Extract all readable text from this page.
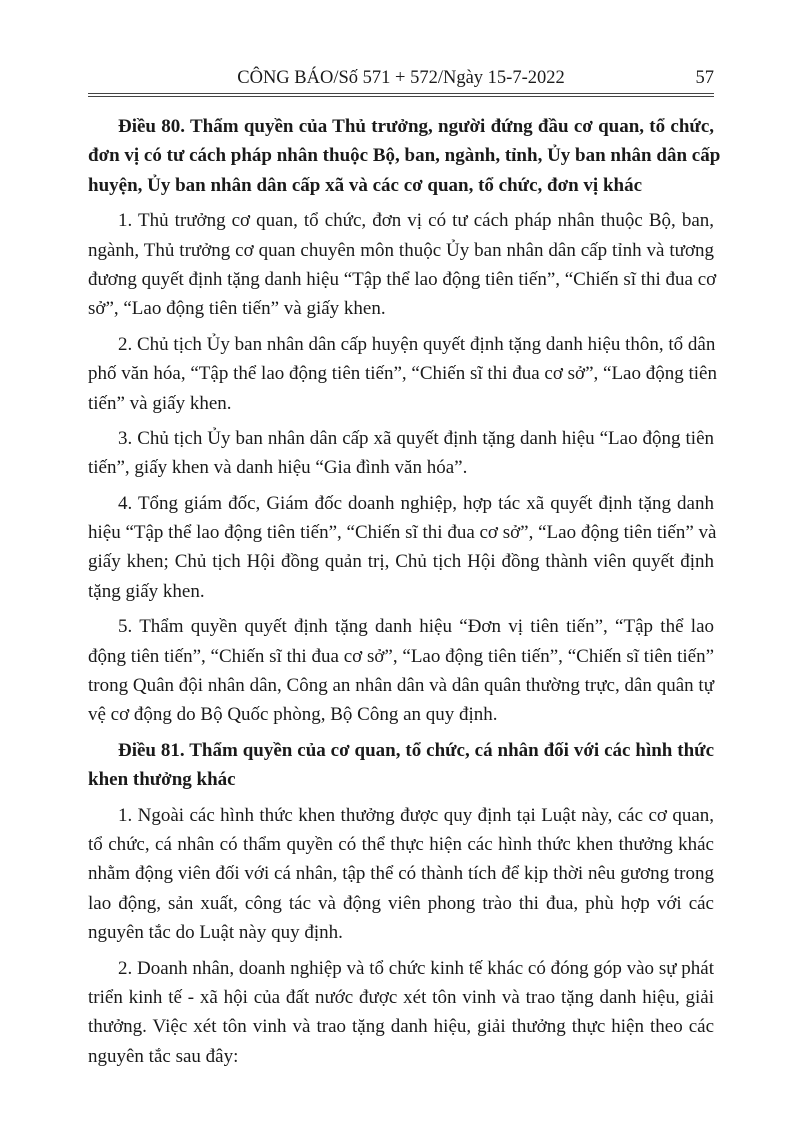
CÔNG BÁO/Số 571 + 572/Ngày 15-7-2022	57
Điều 80. Thẩm quyền của Thủ trưởng, người đứng đầu cơ quan, tổ chức,
đơn vị có tư cách pháp nhân thuộc Bộ, ban, ngành, tỉnh, Ủy ban nhân dân cấp
huyện, Ủy ban nhân dân cấp xã và các cơ quan, tổ chức, đơn vị khác
1. Thủ trưởng cơ quan, tổ chức, đơn vị có tư cách pháp nhân thuộc Bộ, ban,
ngành, Thủ trưởng cơ quan chuyên môn thuộc Ủy ban nhân dân cấp tỉnh và tương
đương quyết định tặng danh hiệu “Tập thể lao động tiên tiến”, “Chiến sĩ thi đua cơ
sở”, “Lao động tiên tiến” và giấy khen.
2. Chủ tịch Ủy ban nhân dân cấp huyện quyết định tặng danh hiệu thôn, tổ dân
phố văn hóa, “Tập thể lao động tiên tiến”, “Chiến sĩ thi đua cơ sở”, “Lao động tiên
tiến” và giấy khen.
3. Chủ tịch Ủy ban nhân dân cấp xã quyết định tặng danh hiệu “Lao động tiên
tiến”, giấy khen và danh hiệu “Gia đình văn hóa”.
4. Tổng giám đốc, Giám đốc doanh nghiệp, hợp tác xã quyết định tặng danh
hiệu “Tập thể lao động tiên tiến”, “Chiến sĩ thi đua cơ sở”, “Lao động tiên tiến” và
giấy khen; Chủ tịch Hội đồng quản trị, Chủ tịch Hội đồng thành viên quyết định
tặng giấy khen.
5. Thẩm quyền quyết định tặng danh hiệu “Đơn vị tiên tiến”, “Tập thể lao
động tiên tiến”, “Chiến sĩ thi đua cơ sở”, “Lao động tiên tiến”, “Chiến sĩ tiên tiến”
trong Quân đội nhân dân, Công an nhân dân và dân quân thường trực, dân quân tự
vệ cơ động do Bộ Quốc phòng, Bộ Công an quy định.
Điều 81. Thẩm quyền của cơ quan, tổ chức, cá nhân đối với các hình thức
khen thưởng khác
1. Ngoài các hình thức khen thưởng được quy định tại Luật này, các cơ quan,
tổ chức, cá nhân có thẩm quyền có thể thực hiện các hình thức khen thưởng khác
nhằm động viên đối với cá nhân, tập thể có thành tích để kịp thời nêu gương trong
lao động, sản xuất, công tác và động viên phong trào thi đua, phù hợp với các
nguyên tắc do Luật này quy định.
2. Doanh nhân, doanh nghiệp và tổ chức kinh tế khác có đóng góp vào sự phát
triển kinh tế - xã hội của đất nước được xét tôn vinh và trao tặng danh hiệu, giải
thưởng. Việc xét tôn vinh và trao tặng danh hiệu, giải thưởng thực hiện theo các
nguyên tắc sau đây:
